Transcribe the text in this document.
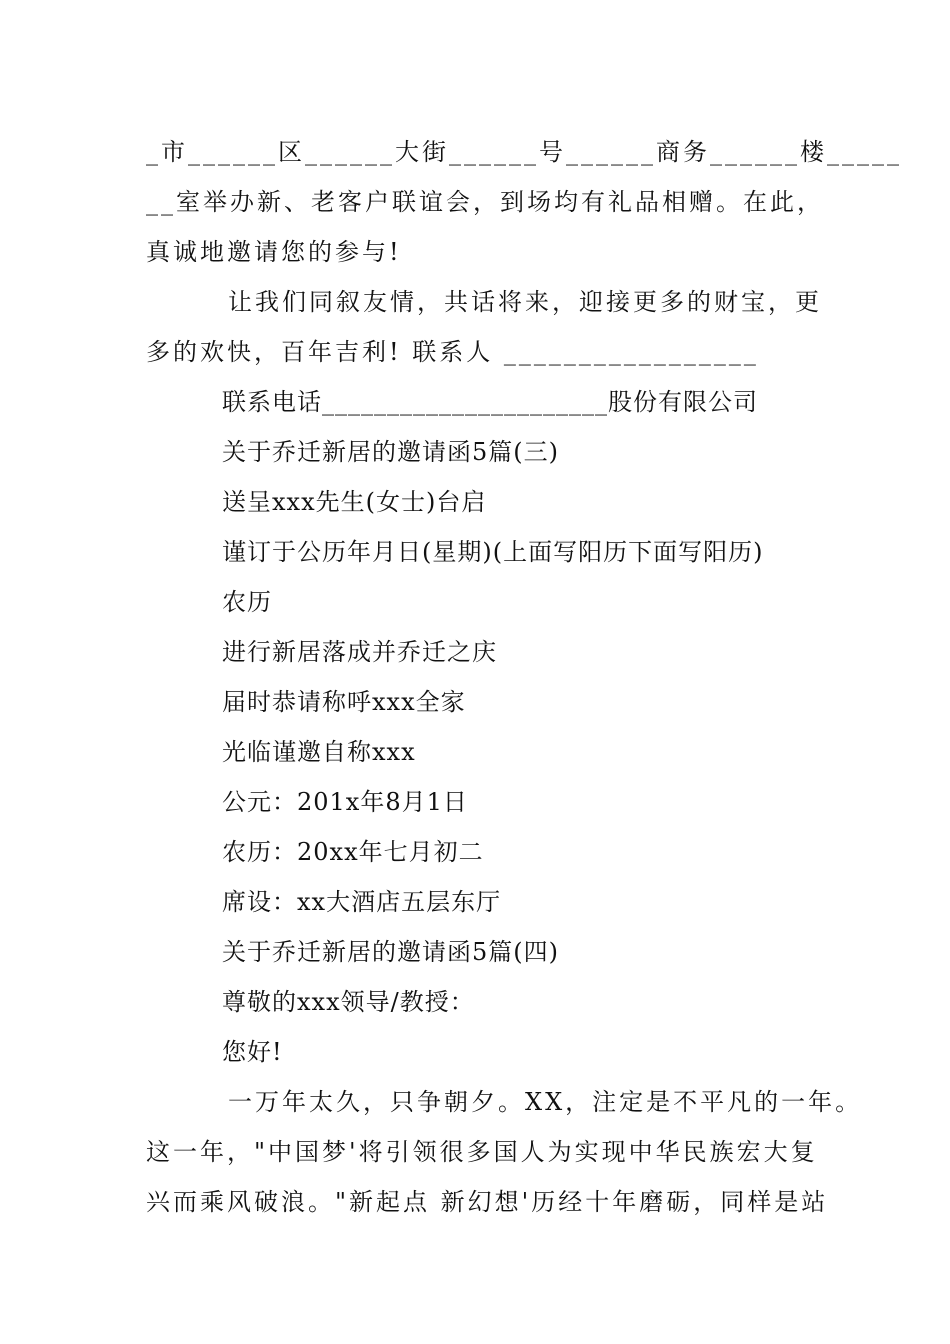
_市______区______大街______号______商务______楼_____
__室举办新、老客户联谊会，到场均有礼品相赠。在此，
真诚地邀请您的参与!
让我们同叙友情，共话将来，迎接更多的财宝，更
多的欢快，百年吉利! 联系人 _________________
联系电话______________________股份有限公司
关于乔迁新居的邀请函5篇(三)
送呈xxx先生(女士)台启
谨订于公历年月日(星期)(上面写阳历下面写阳历)
农历
进行新居落成并乔迁之庆
届时恭请称呼xxx全家
光临谨邀自称xxx
公元：201x年8月1日
农历：20xx年七月初二
席设：xx大酒店五层东厅
关于乔迁新居的邀请函5篇(四)
尊敬的xxx领导/教授：
您好!
一万年太久，只争朝夕。XX，注定是不平凡的一年。
这一年，"中国梦'将引领很多国人为实现中华民族宏大复
兴而乘风破浪。"新起点 新幻想'历经十年磨砺，同样是站
